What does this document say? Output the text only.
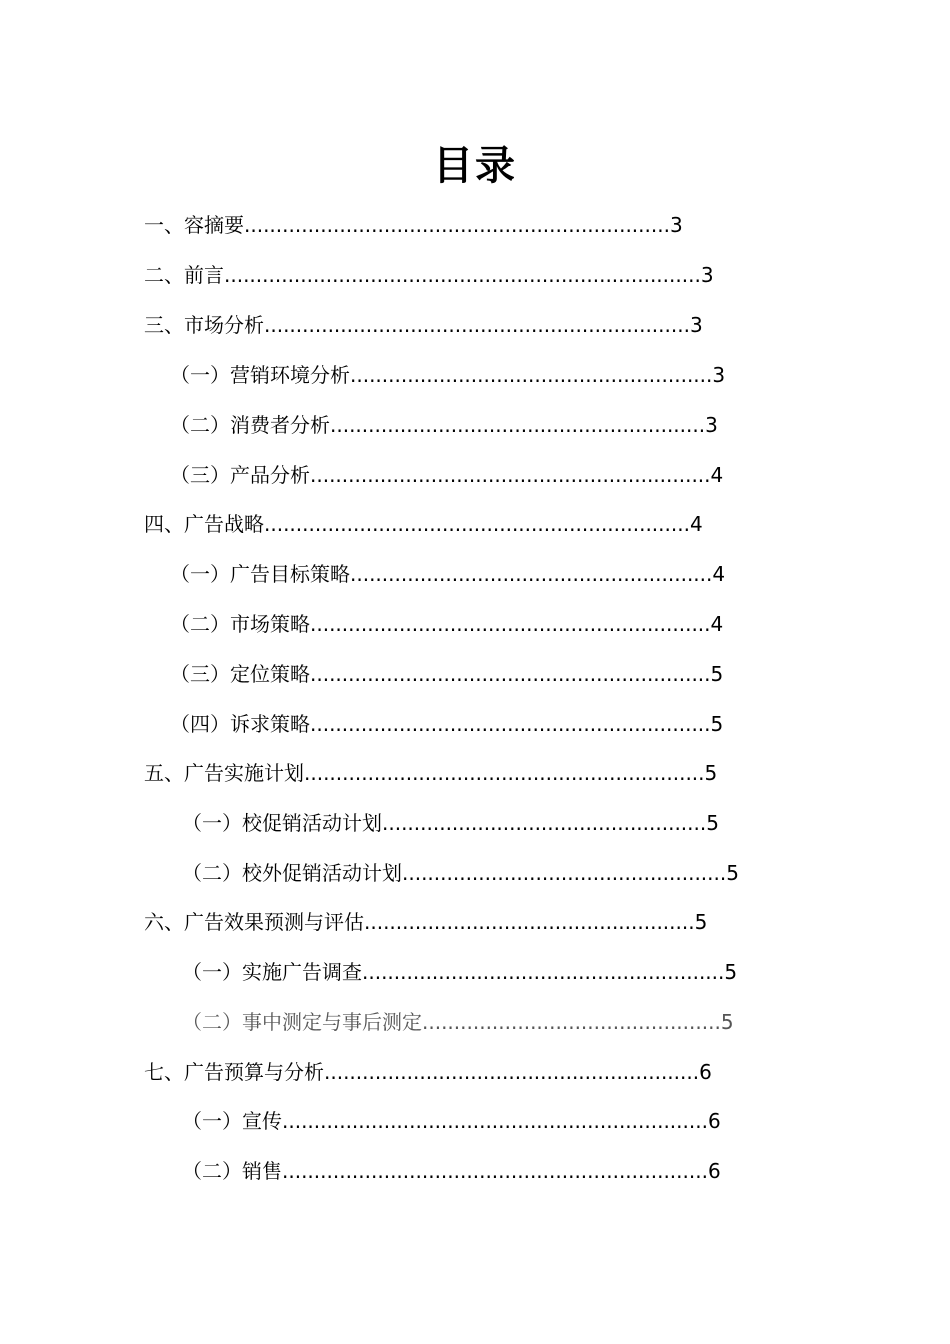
目录
一、容摘要...................................................................3
二、前言...........................................................................3
三、市场分析...................................................................3
（一）营销环境分析.........................................................3
（二）消费者分析...........................................................3
（三）产品分析...............................................................4
四、广告战略...................................................................4
（一）广告目标策略.........................................................4
（二）市场策略...............................................................4
（三）定位策略...............................................................5
（四）诉求策略...............................................................5
五、广告实施计划...............................................................5
（一）校促销活动计划...................................................5
（二）校外促销活动计划...................................................5
六、广告效果预测与评估....................................................5
（一）实施广告调查.........................................................5
（二）事中测定与事后测定...............................................5
七、广告预算与分析...........................................................6
（一）宣传...................................................................6
（二）销售...................................................................6
